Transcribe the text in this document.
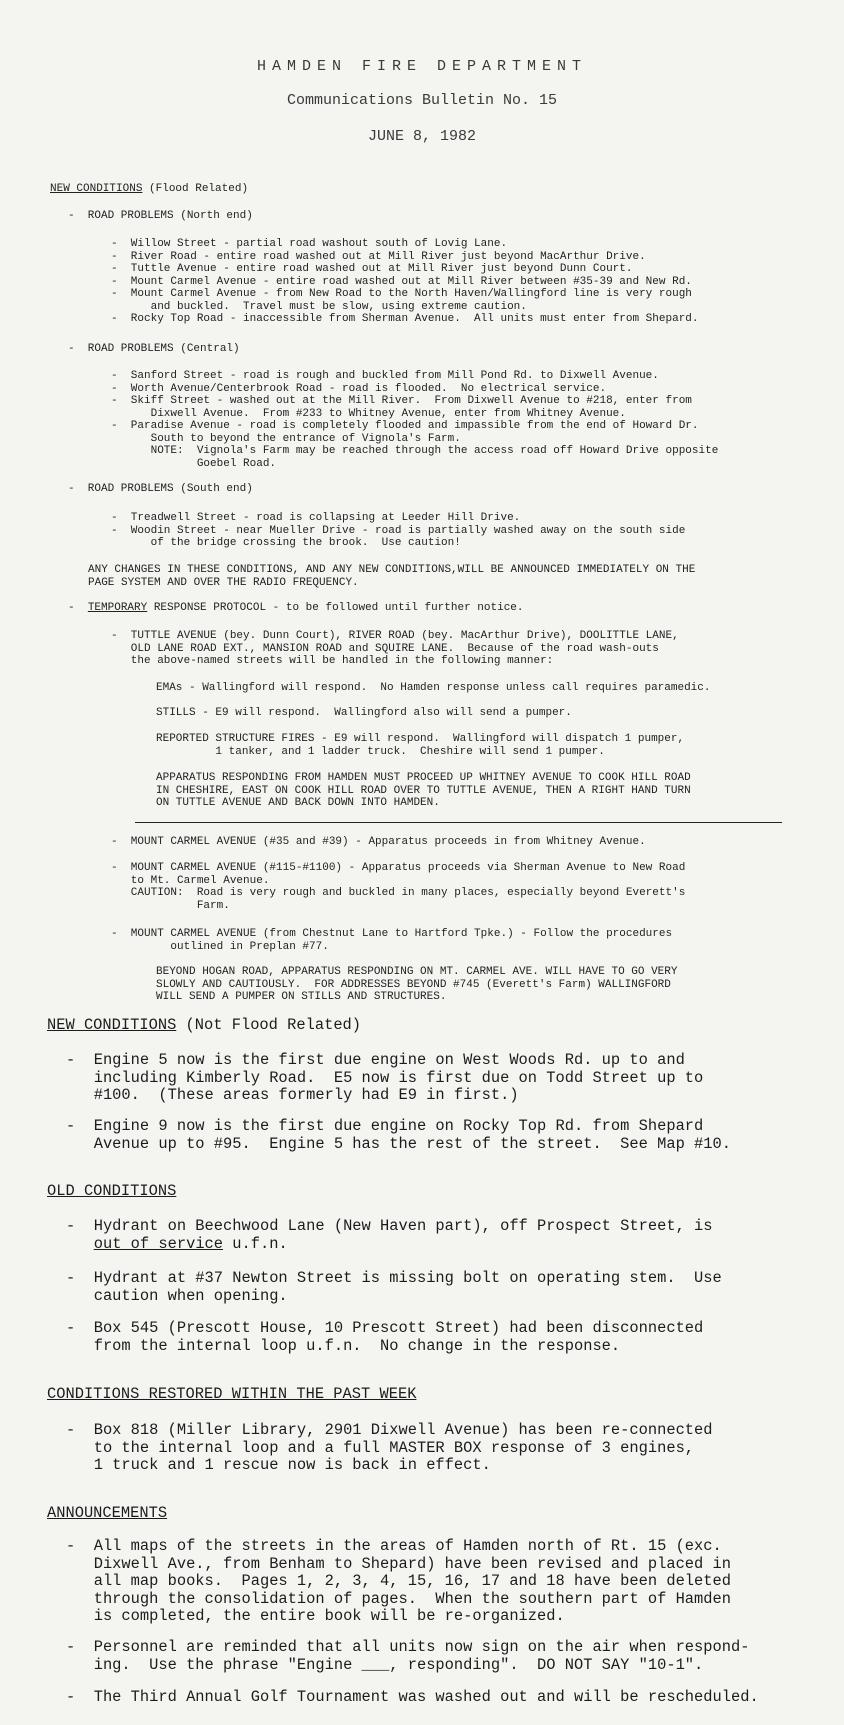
HAMDEN FIRE DEPARTMENT
Communications Bulletin No. 15
JUNE 8, 1982
NEW CONDITIONS (Flood Related)
-  ROAD PROBLEMS (North end)
-  Willow Street - partial road washout south of Lovig Lane.
-  River Road - entire road washed out at Mill River just beyond MacArthur Drive.
-  Tuttle Avenue - entire road washed out at Mill River just beyond Dunn Court.
-  Mount Carmel Avenue - entire road washed out at Mill River between #35-39 and New Rd.
-  Mount Carmel Avenue - from New Road to the North Haven/Wallingford line is very rough
and buckled.  Travel must be slow, using extreme caution.
-  Rocky Top Road - inaccessible from Sherman Avenue.  All units must enter from Shepard.
-  ROAD PROBLEMS (Central)
-  Sanford Street - road is rough and buckled from Mill Pond Rd. to Dixwell Avenue.
-  Worth Avenue/Centerbrook Road - road is flooded.  No electrical service.
-  Skiff Street - washed out at the Mill River.  From Dixwell Avenue to #218, enter from
Dixwell Avenue.  From #233 to Whitney Avenue, enter from Whitney Avenue.
-  Paradise Avenue - road is completely flooded and impassible from the end of Howard Dr.
South to beyond the entrance of Vignola's Farm.
NOTE:  Vignola's Farm may be reached through the access road off Howard Drive opposite
Goebel Road.
-  ROAD PROBLEMS (South end)
-  Treadwell Street - road is collapsing at Leeder Hill Drive.
-  Woodin Street - near Mueller Drive - road is partially washed away on the south side
of the bridge crossing the brook.  Use caution!
ANY CHANGES IN THESE CONDITIONS, AND ANY NEW CONDITIONS,WILL BE ANNOUNCED IMMEDIATELY ON THE
PAGE SYSTEM AND OVER THE RADIO FREQUENCY.
-  TEMPORARY RESPONSE PROTOCOL - to be followed until further notice.
-  TUTTLE AVENUE (bey. Dunn Court), RIVER ROAD (bey. MacArthur Drive), DOOLITTLE LANE,
OLD LANE ROAD EXT., MANSION ROAD and SQUIRE LANE.  Because of the road wash-outs
the above-named streets will be handled in the following manner:
EMAs - Wallingford will respond.  No Hamden response unless call requires paramedic.
STILLS - E9 will respond.  Wallingford also will send a pumper.
REPORTED STRUCTURE FIRES - E9 will respond.  Wallingford will dispatch 1 pumper,
1 tanker, and 1 ladder truck.  Cheshire will send 1 pumper.
APPARATUS RESPONDING FROM HAMDEN MUST PROCEED UP WHITNEY AVENUE TO COOK HILL ROAD
IN CHESHIRE, EAST ON COOK HILL ROAD OVER TO TUTTLE AVENUE, THEN A RIGHT HAND TURN
ON TUTTLE AVENUE AND BACK DOWN INTO HAMDEN.
-  MOUNT CARMEL AVENUE (#35 and #39) - Apparatus proceeds in from Whitney Avenue.
-  MOUNT CARMEL AVENUE (#115-#1100) - Apparatus proceeds via Sherman Avenue to New Road
to Mt. Carmel Avenue.
CAUTION:  Road is very rough and buckled in many places, especially beyond Everett's
Farm.
-  MOUNT CARMEL AVENUE (from Chestnut Lane to Hartford Tpke.) - Follow the procedures
outlined in Preplan #77.
BEYOND HOGAN ROAD, APPARATUS RESPONDING ON MT. CARMEL AVE. WILL HAVE TO GO VERY
SLOWLY AND CAUTIOUSLY.  FOR ADDRESSES BEYOND #745 (Everett's Farm) WALLINGFORD
WILL SEND A PUMPER ON STILLS AND STRUCTURES.
NEW CONDITIONS (Not Flood Related)
-  Engine 5 now is the first due engine on West Woods Rd. up to and
including Kimberly Road.  E5 now is first due on Todd Street up to
#100.  (These areas formerly had E9 in first.)
-  Engine 9 now is the first due engine on Rocky Top Rd. from Shepard
Avenue up to #95.  Engine 5 has the rest of the street.  See Map #10.
OLD CONDITIONS
-  Hydrant on Beechwood Lane (New Haven part), off Prospect Street, is
out of service u.f.n.
-  Hydrant at #37 Newton Street is missing bolt on operating stem.  Use
caution when opening.
-  Box 545 (Prescott House, 10 Prescott Street) had been disconnected
from the internal loop u.f.n.  No change in the response.
CONDITIONS RESTORED WITHIN THE PAST WEEK
-  Box 818 (Miller Library, 2901 Dixwell Avenue) has been re-connected
to the internal loop and a full MASTER BOX response of 3 engines,
1 truck and 1 rescue now is back in effect.
ANNOUNCEMENTS
-  All maps of the streets in the areas of Hamden north of Rt. 15 (exc.
Dixwell Ave., from Benham to Shepard) have been revised and placed in
all map books.  Pages 1, 2, 3, 4, 15, 16, 17 and 18 have been deleted
through the consolidation of pages.  When the southern part of Hamden
is completed, the entire book will be re-organized.
-  Personnel are reminded that all units now sign on the air when respond-
ing.  Use the phrase "Engine ___, responding".  DO NOT SAY "10-1".
-  The Third Annual Golf Tournament was washed out and will be rescheduled.
